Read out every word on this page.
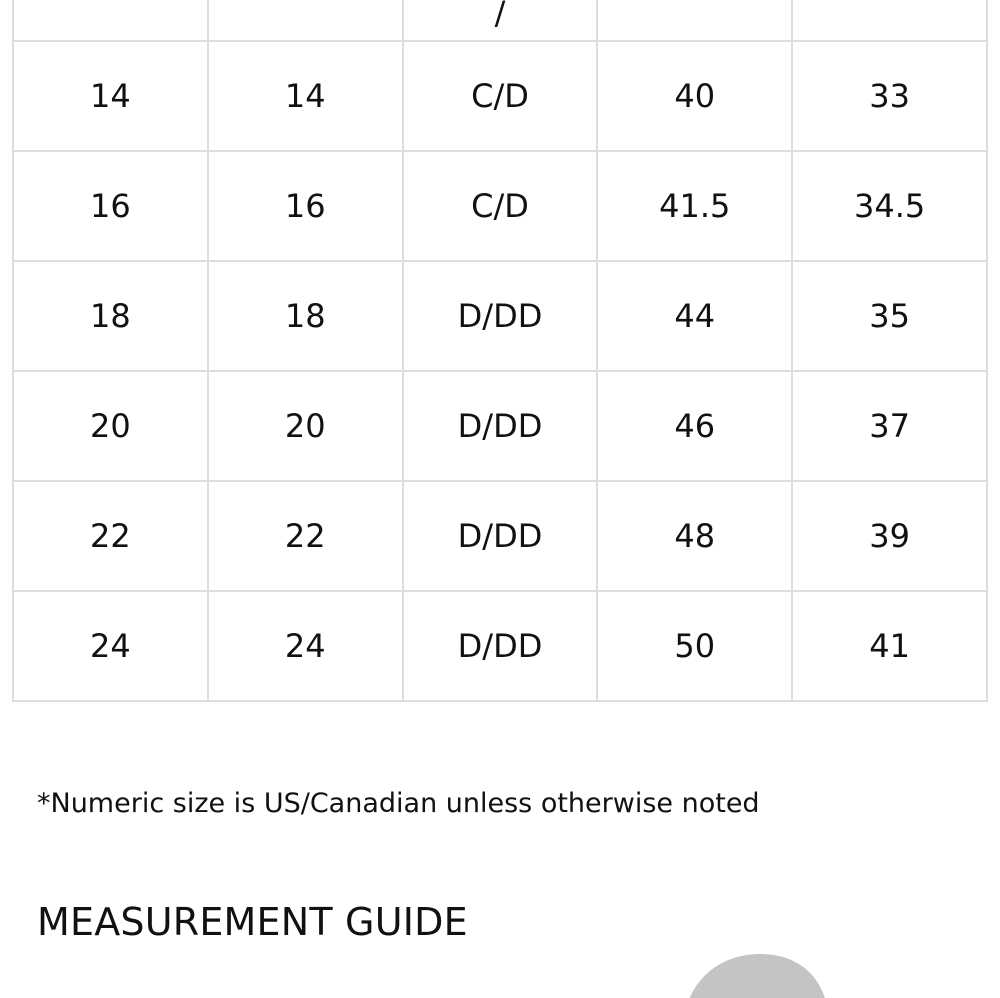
		/		
14	14	C/D	40	33
16	16	C/D	41.5	34.5
18	18	D/DD	44	35
20	20	D/DD	46	37
22	22	D/DD	48	39
24	24	D/DD	50	41
*Numeric size is US/Canadian unless otherwise noted
MEASUREMENT GUIDE
